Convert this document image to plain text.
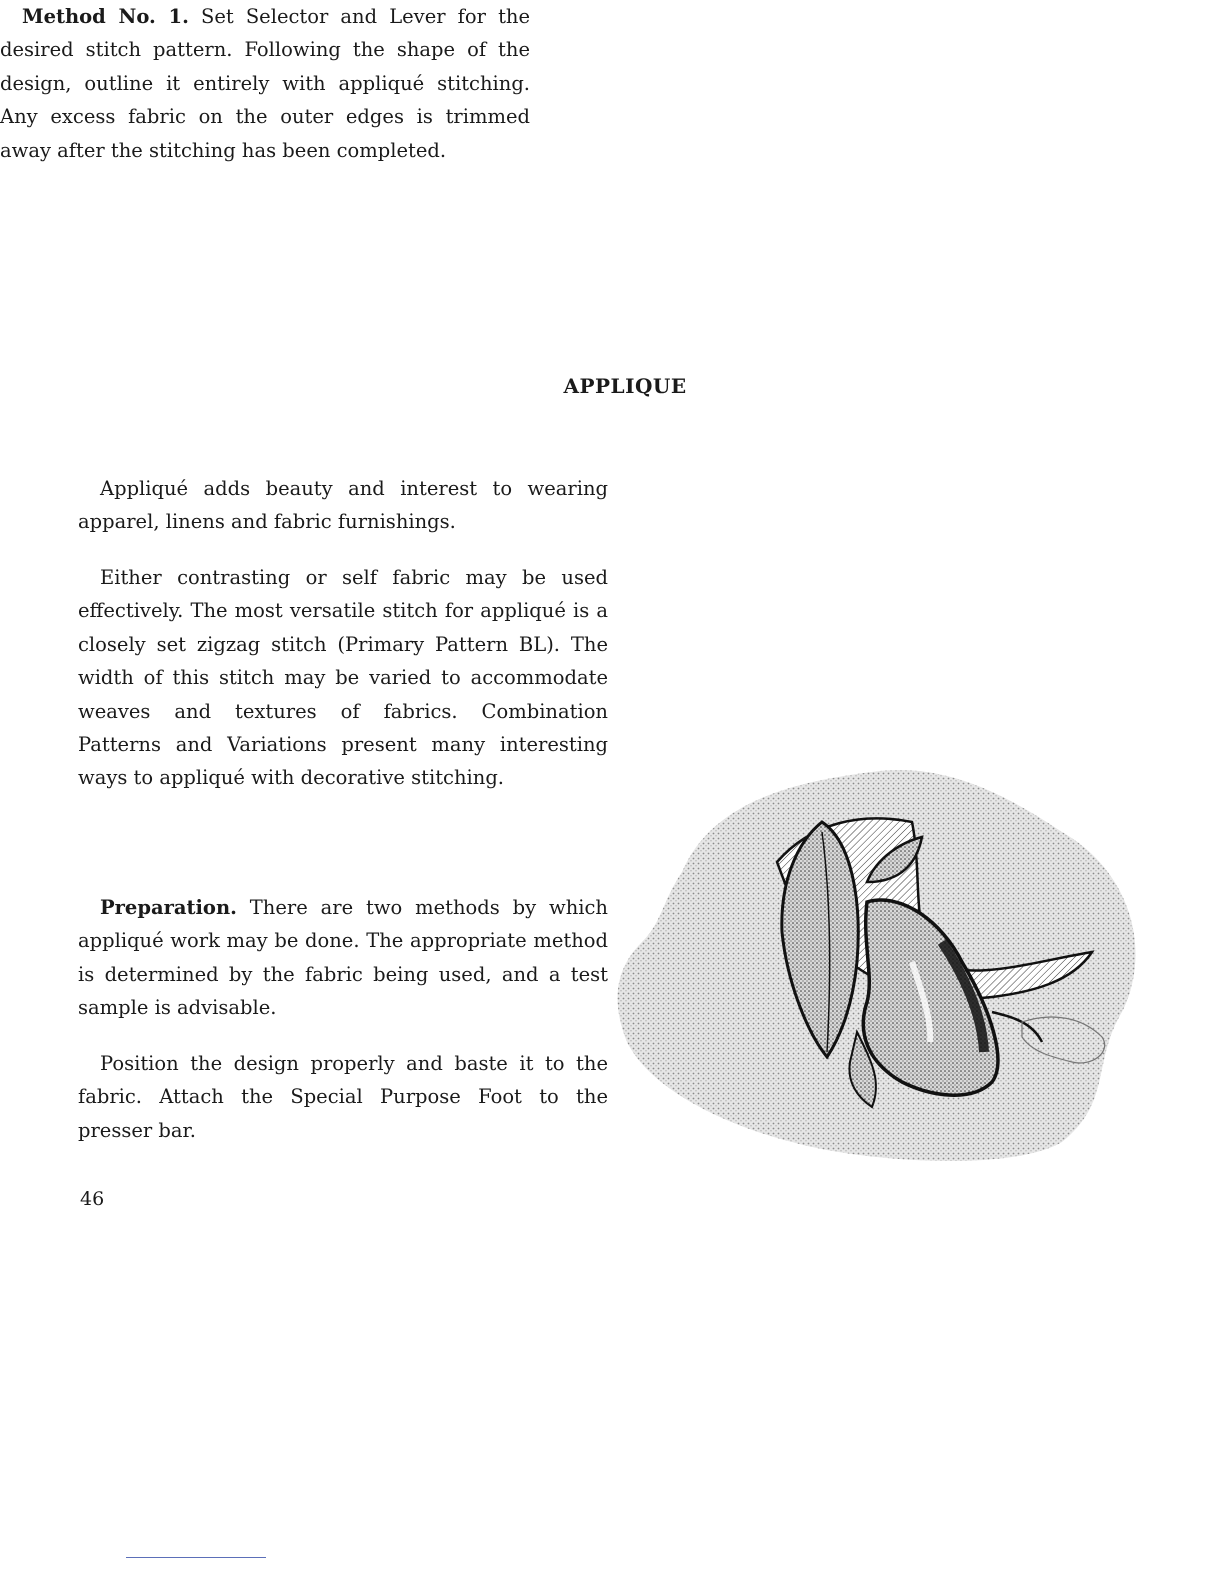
APPLIQUE

Appliqué adds beauty and interest to wearing apparel, linens and fabric furnishings.

Either contrasting or self fabric may be used effectively. The most versatile stitch for appliqué is a closely set zigzag stitch (Primary Pattern BL). The width of this stitch may be varied to accommodate weaves and textures of fabrics. Combination Patterns and Variations present many interesting ways to appliqué with decorative stitching.

Preparation. There are two methods by which appliqué work may be done. The appropriate method is determined by the fabric being used, and a test sample is advisable.

Position the design properly and baste it to the fabric. Attach the Special Purpose Foot to the presser bar.

Method No. 1. Set Selector and Lever for the desired stitch pattern. Following the shape of the design, outline it entirely with appliqué stitching. Any excess fabric on the outer edges is trimmed away after the stitching has been completed.

46
